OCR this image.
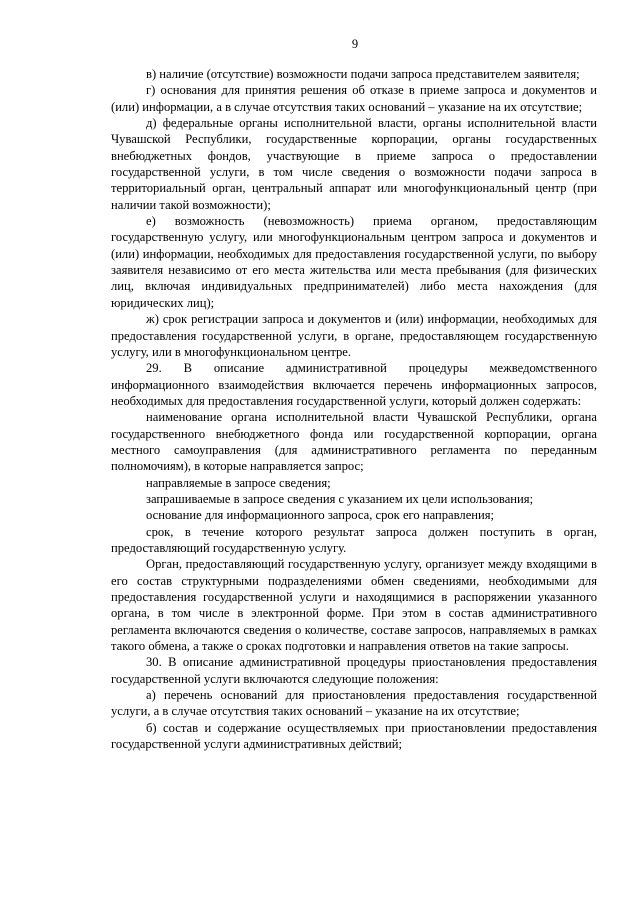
9

в) наличие (отсутствие) возможности подачи запроса представителем заявителя;

г) основания для принятия решения об отказе в приеме запроса и документов и (или) информации, а в случае отсутствия таких оснований – указание на их отсутствие;

д) федеральные органы исполнительной власти, органы исполнительной власти Чувашской Республики, государственные корпорации, органы государственных внебюджетных фондов, участвующие в приеме запроса о предоставлении государственной услуги, в том числе сведения о возможности подачи запроса в территориальный орган, центральный аппарат или многофункциональный центр (при наличии такой возможности);

е) возможность (невозможность) приема органом, предоставляющим государственную услугу, или многофункциональным центром запроса и документов и (или) информации, необходимых для предоставления государственной услуги, по выбору заявителя независимо от его места жительства или места пребывания (для физических лиц, включая индивидуальных предпринимателей) либо места нахождения (для юридических лиц);

ж) срок регистрации запроса и документов и (или) информации, необходимых для предоставления государственной услуги, в органе, предоставляющем государственную услугу, или в многофункциональном центре.

29. В описание административной процедуры межведомственного информационного взаимодействия включается перечень информационных запросов, необходимых для предоставления государственной услуги, который должен содержать:

наименование органа исполнительной власти Чувашской Республики, органа государственного внебюджетного фонда или государственной корпорации, органа местного самоуправления (для административного регламента по переданным полномочиям), в которые направляется запрос;

направляемые в запросе сведения;

запрашиваемые в запросе сведения с указанием их цели использования;

основание для информационного запроса, срок его направления;

срок, в течение которого результат запроса должен поступить в орган, предоставляющий государственную услугу.

Орган, предоставляющий государственную услугу, организует между входящими в его состав структурными подразделениями обмен сведениями, необходимыми для предоставления государственной услуги и находящимися в распоряжении указанного органа, в том числе в электронной форме. При этом в состав административного регламента включаются сведения о количестве, составе запросов, направляемых в рамках такого обмена, а также о сроках подготовки и направления ответов на такие запросы.

30. В описание административной процедуры приостановления предоставления государственной услуги включаются следующие положения:

а) перечень оснований для приостановления предоставления государственной услуги, а в случае отсутствия таких оснований – указание на их отсутствие;

б) состав и содержание осуществляемых при приостановлении предоставления государственной услуги административных действий;
